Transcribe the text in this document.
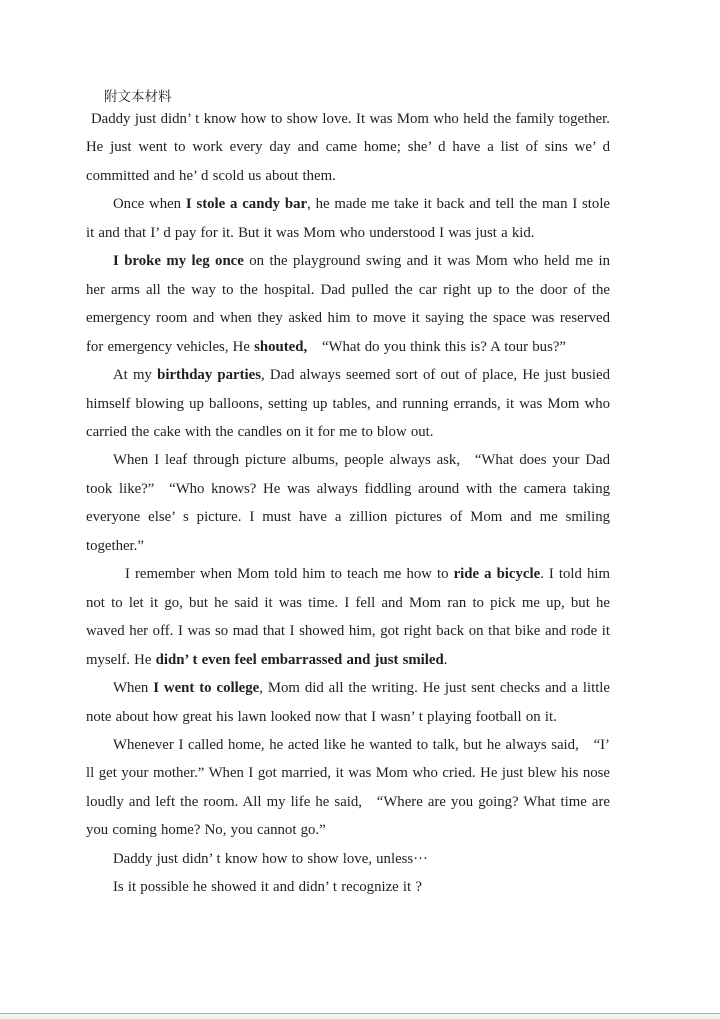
附文本材料

Daddy just didn’ t know how to show love. It was Mom who held the family together. He just went to work every day and came home; she’ d have a list of sins we’ d committed and he’ d scold us about them.

Once when I stole a candy bar, he made me take it back and tell the man I stole it and that I’ d pay for it. But it was Mom who understood I was just a kid.

I broke my leg once on the playground swing and it was Mom who held me in her arms all the way to the hospital. Dad pulled the car right up to the door of the emergency room and when they asked him to move it saying the space was reserved for emergency vehicles, He shouted, “What do you think this is? A tour bus?”

At my birthday parties, Dad always seemed sort of out of place, He just busied himself blowing up balloons, setting up tables, and running errands, it was Mom who carried the cake with the candles on it for me to blow out.

When I leaf through picture albums, people always ask, “What does your Dad took like?” “Who knows? He was always fiddling around with the camera taking everyone else’ s picture. I must have a zillion pictures of Mom and me smiling together.”

I remember when Mom told him to teach me how to ride a bicycle. I told him not to let it go, but he said it was time. I fell and Mom ran to pick me up, but he waved her off. I was so mad that I showed him, got right back on that bike and rode it myself. He didn’ t even feel embarrassed and just smiled.

When I went to college, Mom did all the writing. He just sent checks and a little note about how great his lawn looked now that I wasn’ t playing football on it.

Whenever I called home, he acted like he wanted to talk, but he always said, “I’ ll get your mother.” When I got married, it was Mom who cried. He just blew his nose loudly and left the room. All my life he said, “Where are you going? What time are you coming home? No, you cannot go.”

Daddy just didn’ t know how to show love, unless···

Is it possible he showed it and didn’ t recognize it ?
